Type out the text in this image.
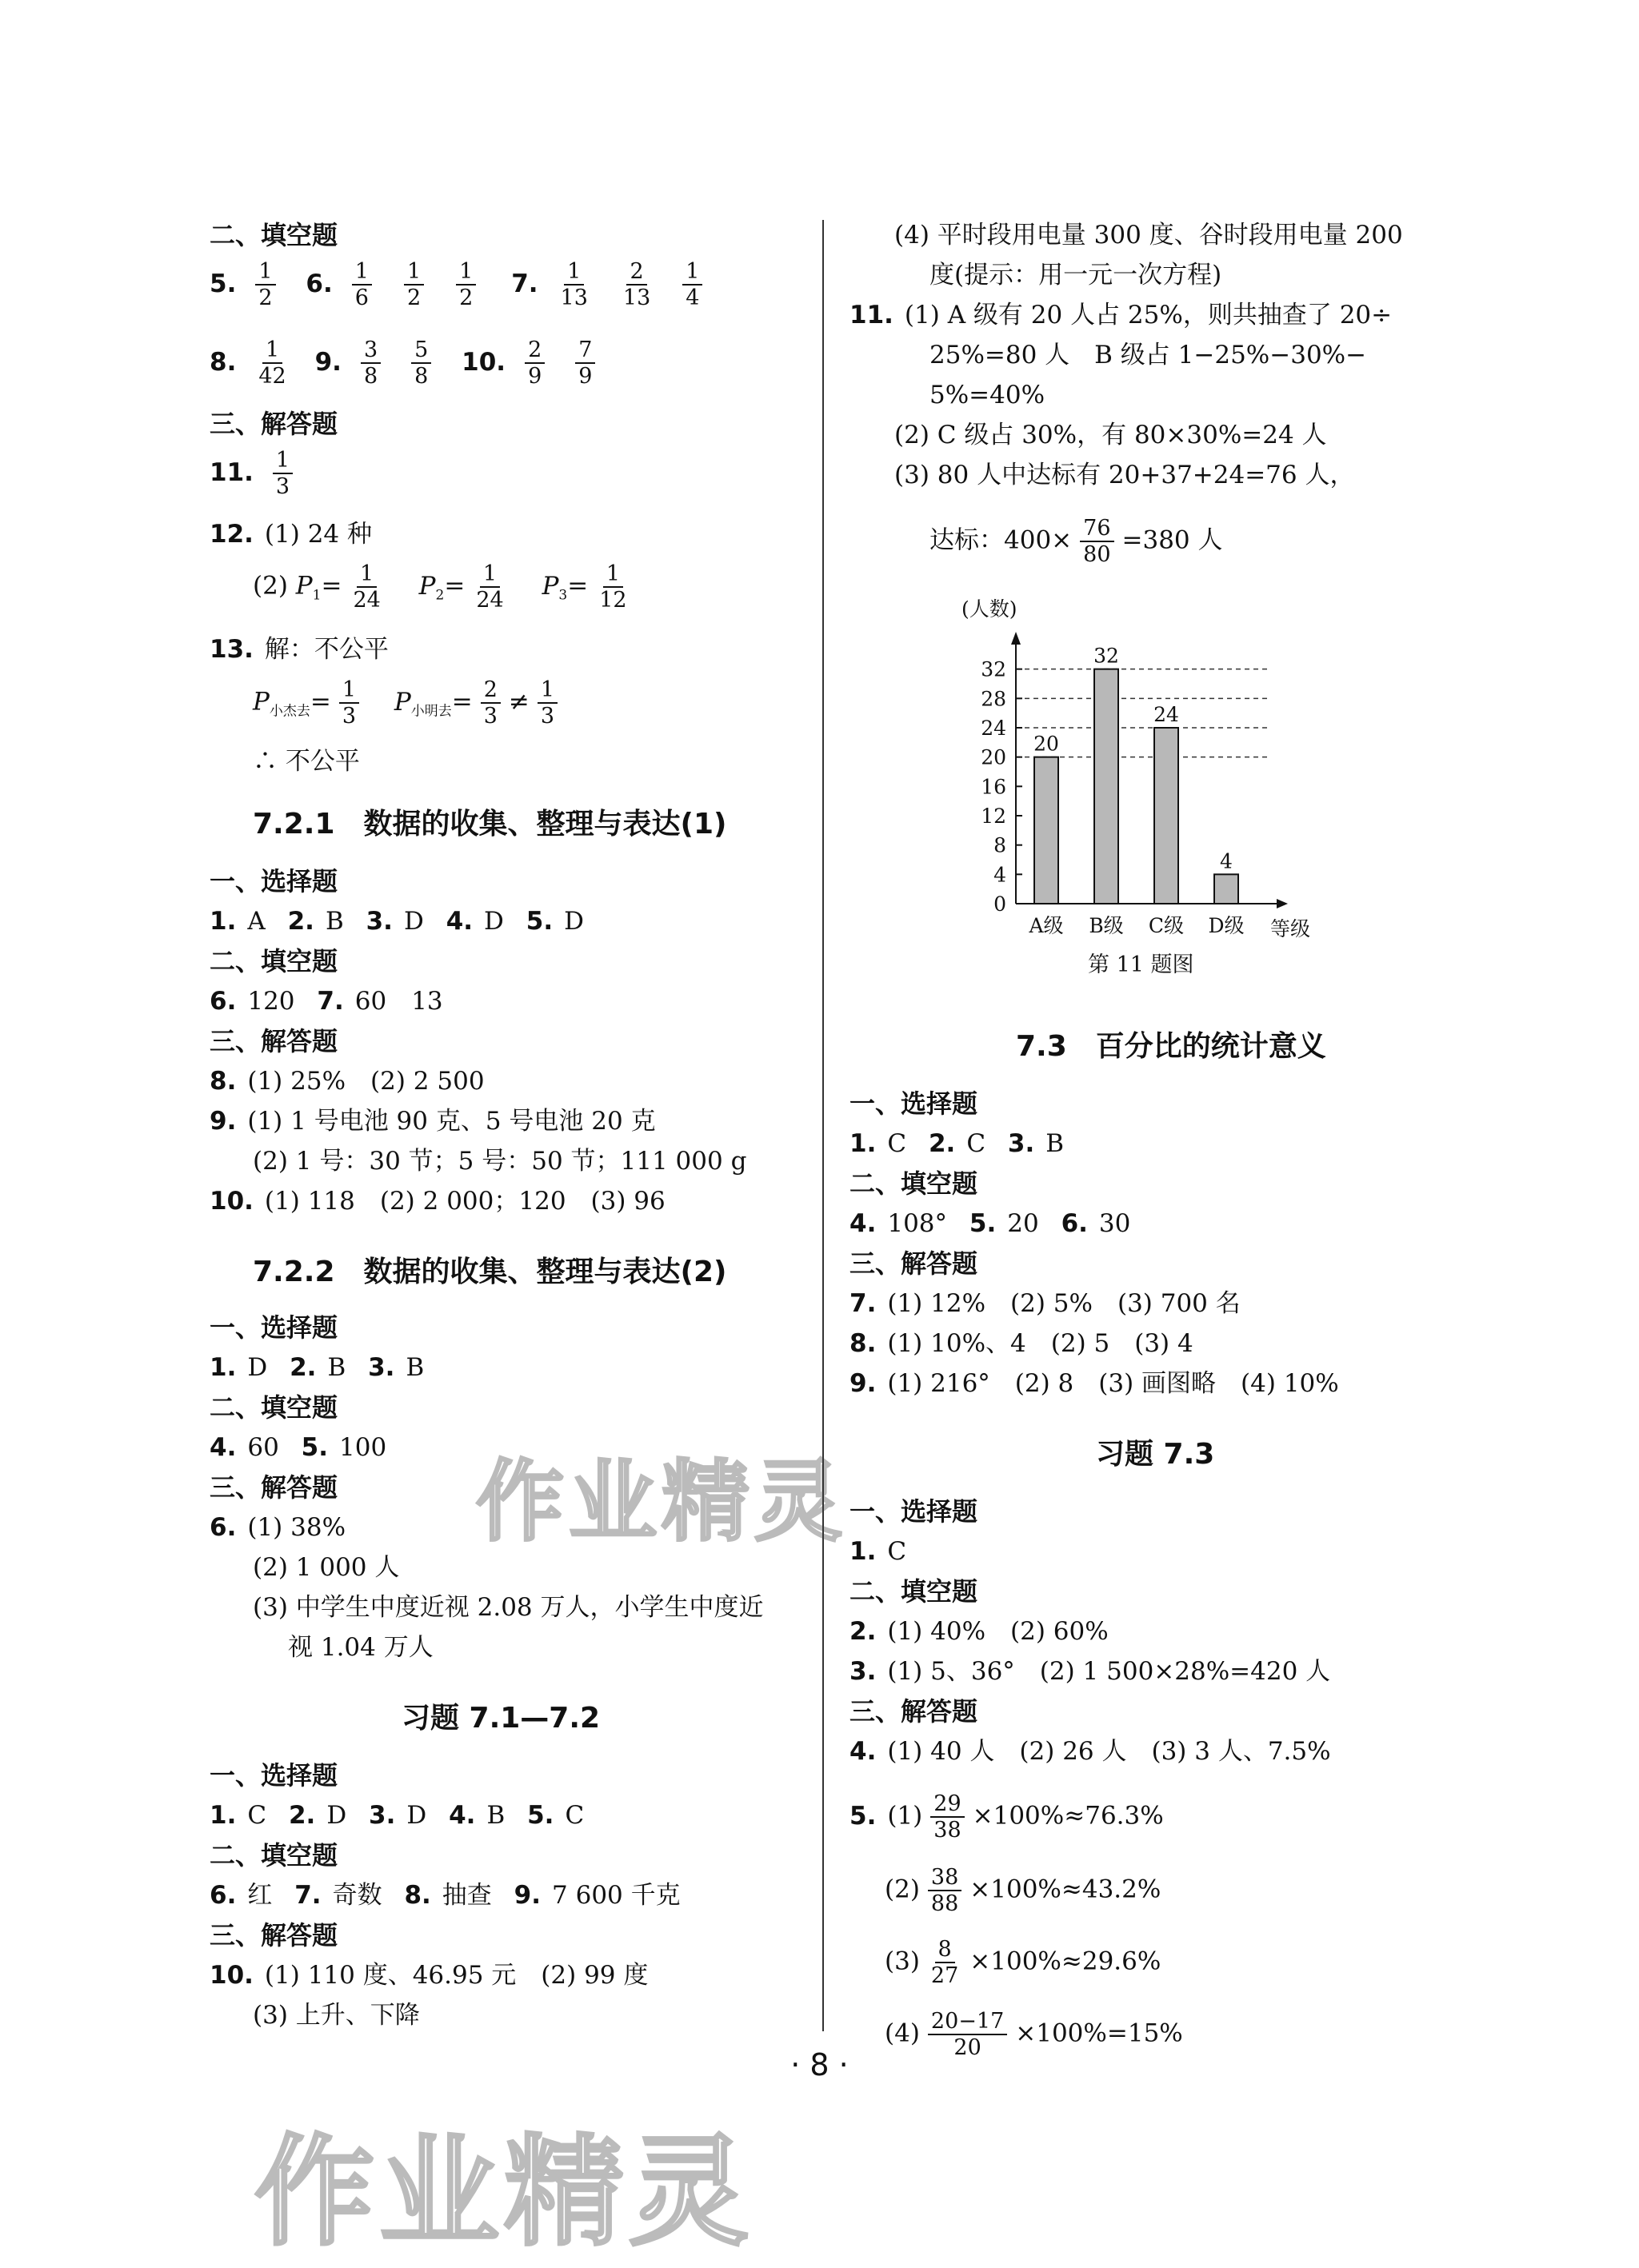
二、填空题
5. $\frac{1}{2} 6$. $\frac{1}{6} \frac{1}{2} \frac{1}{2} 7$. $\frac{1}{13} \frac{2}{13} \frac{1}{4}$
8. $\frac{1}{42} 9$. $\frac{3}{8} \frac{5}{8} 10$. $\frac{2}{9} \frac{7}{9}$
三、解答题
11. $\frac{1}{3}$
12. (1) 24 种
(2) $P_1= \frac{1}{24} P_2= \frac{1}{24} P_3= \frac{1}{12}$
13. 解：不公平
$P_{小杰去}= \frac{1}{3} P_{小明去}= \frac{2}{3} \ne \frac{1}{3}$
∴ 不公平
7.2.1　数据的收集、整理与表达(1)
一、选择题
1. A 2. B 3. D 4. D 5. D
二、填空题
6. 120 7. 60　13
三、解答题
8. (1) 25%　(2) 2 500
9. (1) 1 号电池 90 克、5 号电池 20 克
(2) 1 号：30 节；5 号：50 节；111 000 g
10. (1) 118　(2) 2 000；120　(3) 96
7.2.2　数据的收集、整理与表达(2)
一、选择题
1. D 2. B 3. B
二、填空题
4. 60 5. 100
三、解答题
6. (1) 38%
(2) 1 000 人
(3) 中学生中度近视 2.08 万人，小学生中度近
视 1.04 万人
习题 7.1—7.2
一、选择题
1. C 2. D 3. D 4. B 5. C
二、填空题
6. 红 7. 奇数 8. 抽查 9. 7 600 千克
三、解答题
10. (1) 110 度、46.95 元　(2) 99 度
(3) 上升、下降
(4) 平时段用电量 300 度、谷时段用电量 200
度(提示：用一元一次方程)
11. (1) A 级有 20 人占 25%，则共抽查了 20÷
25%=80 人　B 级占 1−25%−30%−
5%=40%
(2) C 级占 30%，有 80×30%=24 人
(3) 80 人中达标有 20+37+24=76 人，
达标：$400\times \frac{76}{80} =380$ 人
7.3　百分比的统计意义
一、选择题
1. C 2. C 3. B
二、填空题
4. 108° 5. 20 6. 30
三、解答题
7. (1) 12%　(2) 5%　(3) 700 名
8. (1) 10%、4　(2) 5　(3) 4
9. (1) 216°　(2) 8　(3) 画图略　(4) 10%
习题 7.3
一、选择题
1. C
二、填空题
2. (1) 40%　(2) 60%
3. (1) 5、36°　(2) 1 500×28%=420 人
三、解答题
4. (1) 40 人　(2) 26 人　(3) 3 人、7.5%
5. $(1) \frac{29}{38} \times 100\%\approx 76.3\%$
$(2) \frac{38}{88} \times 100\%\approx 43.2\%$
$(3) \frac{8}{27} \times 100\%\approx 29.6\%$
$(4) \frac{20-17}{20} \times 100\%=15\%$
(人数)
0
4
8
12
16
20
24
28
32
20
32
24
4
A级 B级 C级 D级 等级
第 11 题图
· 8 ·
作业精灵
作业精灵
